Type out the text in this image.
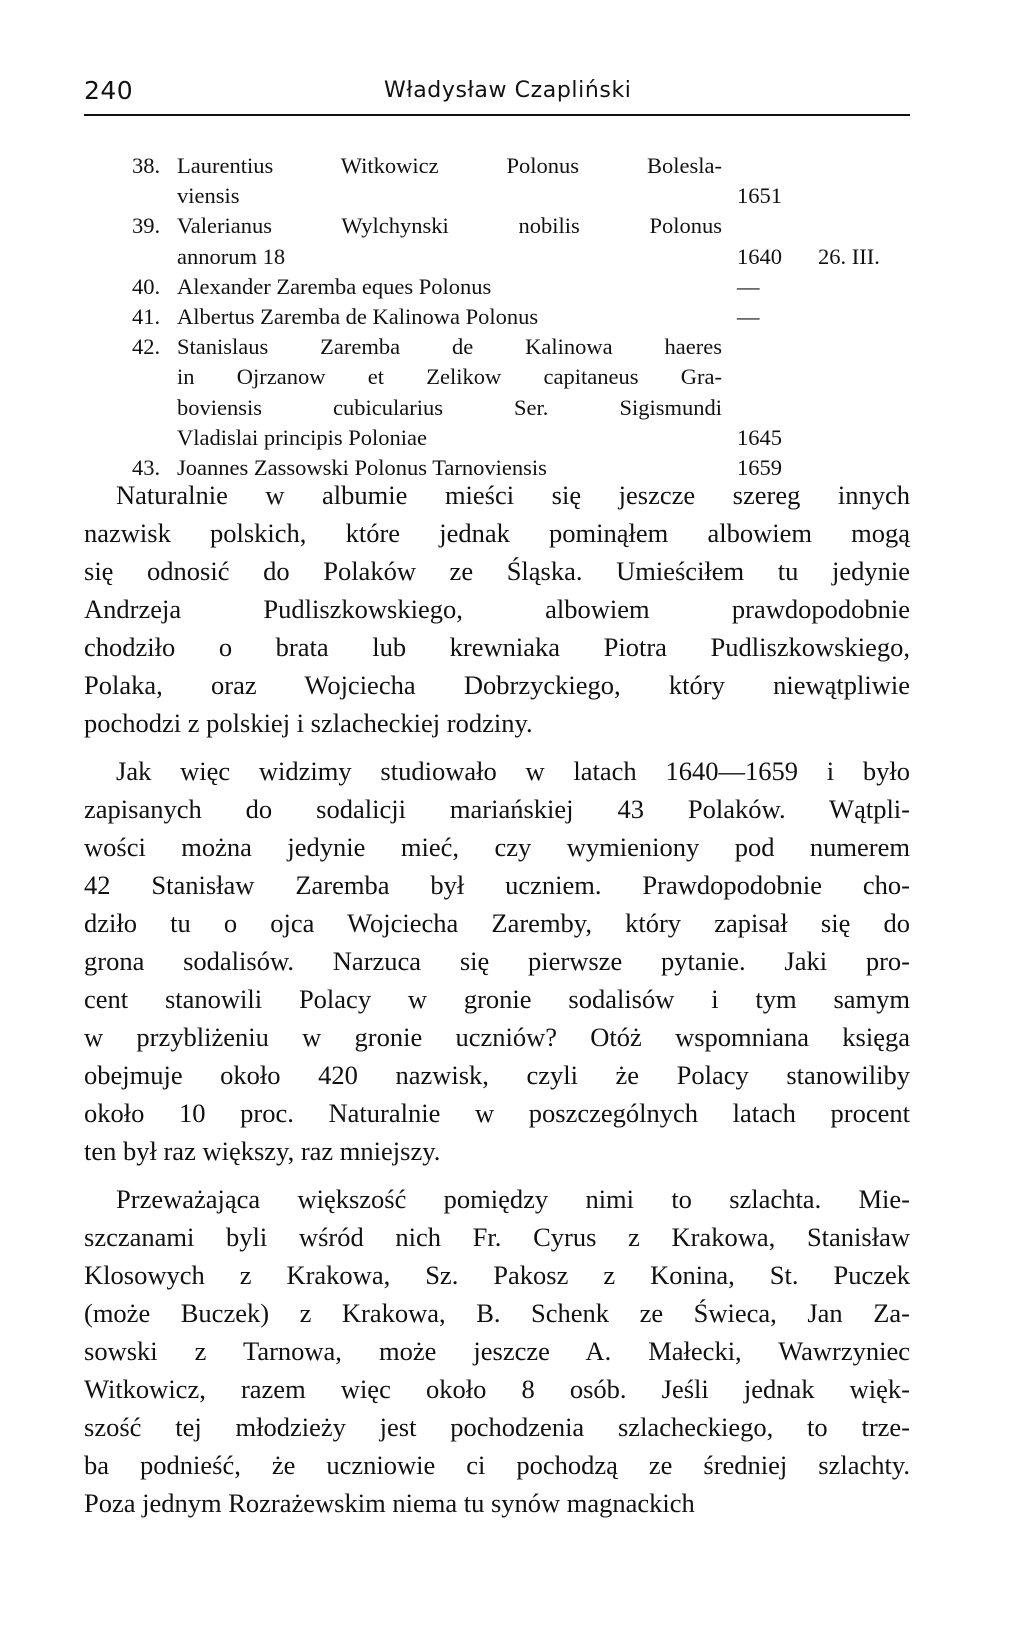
240	Władysław Czapliński
38. Laurentius Witkowicz Polonus Bolesla-
viensis	1651
39. Valerianus Wylchynski nobilis Polonus
annorum 18	1640	26. III.
40. Alexander Zaremba eques Polonus	—
41. Albertus Zaremba de Kalinowa Polonus	—
42. Stanislaus Zaremba de Kalinowa haeres
in Ojrzanow et Zelikow capitaneus Gra-
boviensis cubicularius Ser. Sigismundi
Vladislai principis Poloniae	1645
43. Joannes Zassowski Polonus Tarnoviensis	1659
Naturalnie w albumie mieści się jeszcze szereg innych
nazwisk polskich, które jednak pominąłem albowiem mogą
się odnosić do Polaków ze Śląska. Umieściłem tu jedynie
Andrzeja Pudliszkowskiego, albowiem prawdopodobnie
chodziło o brata lub krewniaka Piotra Pudliszkowskiego,
Polaka, oraz Wojciecha Dobrzyckiego, który niewątpliwie
pochodzi z polskiej i szlacheckiej rodziny.
Jak więc widzimy studiowało w latach 1640—1659 i było
zapisanych do sodalicji mariańskiej 43 Polaków. Wątpli-
wości można jedynie mieć, czy wymieniony pod numerem
42 Stanisław Zaremba był uczniem. Prawdopodobnie cho-
dziło tu o ojca Wojciecha Zaremby, który zapisał się do
grona sodalisów. Narzuca się pierwsze pytanie. Jaki pro-
cent stanowili Polacy w gronie sodalisów i tym samym
w przybliżeniu w gronie uczniów? Otóż wspomniana księga
obejmuje około 420 nazwisk, czyli że Polacy stanowiliby
około 10 proc. Naturalnie w poszczególnych latach procent
ten był raz większy, raz mniejszy.
Przeważająca większość pomiędzy nimi to szlachta. Mie-
szczanami byli wśród nich Fr. Cyrus z Krakowa, Stanisław
Klosowych z Krakowa, Sz. Pakosz z Konina, St. Puczek
(może Buczek) z Krakowa, B. Schenk ze Świeca, Jan Za-
sowski z Tarnowa, może jeszcze A. Małecki, Wawrzyniec
Witkowicz, razem więc około 8 osób. Jeśli jednak więk-
szość tej młodzieży jest pochodzenia szlacheckiego, to trze-
ba podnieść, że uczniowie ci pochodzą ze średniej szlachty.
Poza jednym Rozrażewskim niema tu synów magnackich
